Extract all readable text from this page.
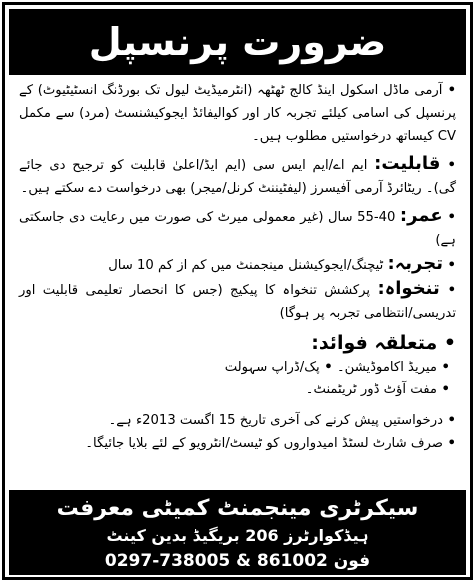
ضرورت پرنسپل

• آرمی ماڈل اسکول اینڈ کالج ٹھٹھہ (انٹرمیڈیٹ لیول تک بورڈنگ انسٹیٹیوٹ) کے پرنسپل کی اسامی کیلئے تجربہ کار اور کوالیفائڈ ایجوکیشنسٹ (مرد) سے مکمل CV کیساتھ درخواستیں مطلوب ہیں۔

• قابلیت: ایم اے/ایم ایس سی (ایم ایڈ/اعلیٰ قابلیت کو ترجیح دی جائے گی)۔ ریٹائرڈ آرمی آفیسرز (لیفٹیننٹ کرنل/میجر) بھی درخواست دے سکتے ہیں۔

• عمر: 40-55 سال (غیر معمولی میرٹ کی صورت میں رعایت دی جاسکتی ہے)

• تجربہ: ٹیچنگ/ایجوکیشنل مینجمنٹ میں کم از کم 10 سال

• تنخواہ: پرکشش تنخواہ کا پیکیج (جس کا انحصار تعلیمی قابلیت اور تدریسی/انتظامی تجربہ پر ہوگا)

• متعلقہ فوائد:

• میریڈ اکاموڈیشن۔ • پک/ڈراپ سہولت

• مفت آؤٹ ڈور ٹریٹمنٹ۔

• درخواستیں پیش کرنے کی آخری تاریخ 15 اگست 2013ء ہے۔

• صرف شارٹ لسٹڈ امیدواروں کو ٹیسٹ/انٹرویو کے لئے بلایا جائیگا۔

سیکرٹری مینجمنٹ کمیٹی معرفت
ہیڈکوارٹرز 206 بریگیڈ بدین کینٹ
فون 0297-738005 & 861002
